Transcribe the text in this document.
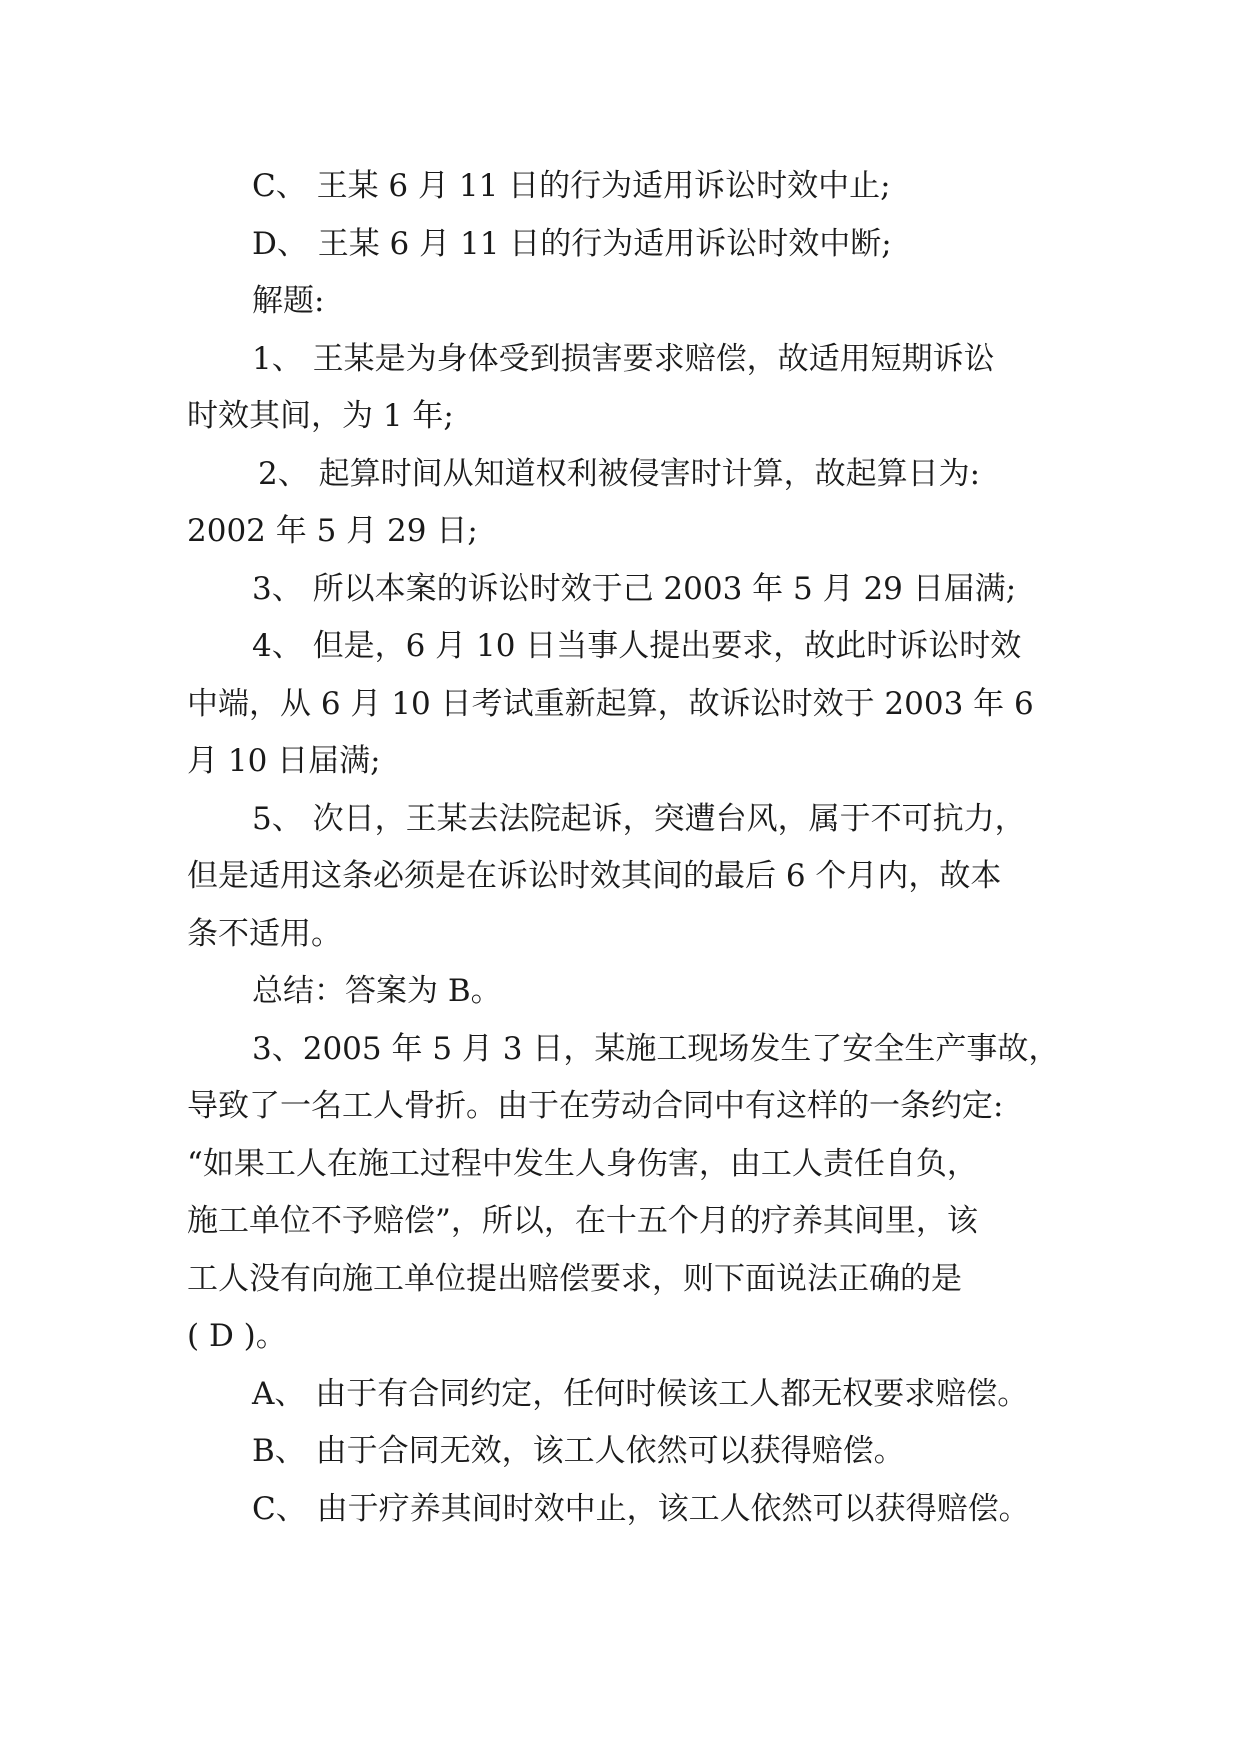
C、 王某 6 月 11 日的行为适用诉讼时效中止;
D、 王某 6 月 11 日的行为适用诉讼时效中断;
解题:
1、 王某是为身体受到损害要求赔偿，故适用短期诉讼
时效其间，为 1 年;
2、 起算时间从知道权利被侵害时计算，故起算日为:
2002 年 5 月 29 日;
3、 所以本案的诉讼时效于己 2003 年 5 月 29 日届满;
4、 但是，6 月 10 日当事人提出要求，故此时诉讼时效
中端，从 6 月 10 日考试重新起算，故诉讼时效于 2003 年 6
月 10 日届满;
5、 次日，王某去法院起诉，突遭台风，属于不可抗力，
但是适用这条必须是在诉讼时效其间的最后 6 个月内，故本
条不适用。
总结：答案为 B。
3、2005 年 5 月 3 日，某施工现场发生了安全生产事故，
导致了一名工人骨折。由于在劳动合同中有这样的一条约定:
“如果工人在施工过程中发生人身伤害，由工人责任自负，
施工单位不予赔偿”，所以，在十五个月的疗养其间里，该
工人没有向施工单位提出赔偿要求，则下面说法正确的是
( D )。
A、 由于有合同约定，任何时候该工人都无权要求赔偿。
B、 由于合同无效，该工人依然可以获得赔偿。
C、 由于疗养其间时效中止，该工人依然可以获得赔偿。
